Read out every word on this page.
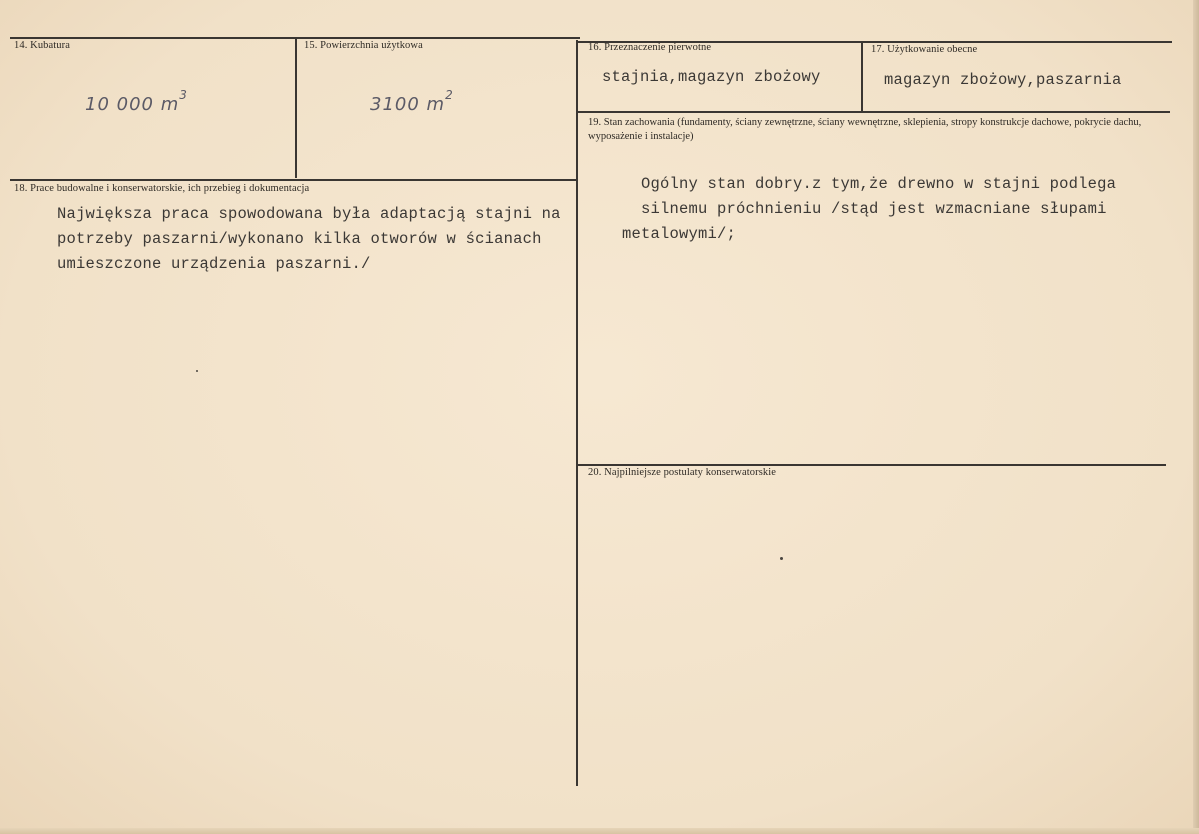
14. Kubatura
10 000 $m^3$
15. Powierzchnia użytkowa
3100 $m^2$
16. Przeznaczenie pierwotne
stajnia,magazyn zbożowy
17. Użytkowanie obecne
magazyn zbożowy,paszarnia
18. Prace budowalne i konserwatorskie, ich przebieg i dokumentacja
Największa praca spowodowana była adaptacją stajni na
potrzeby paszarni/wykonano kilka otworów w ścianach
umieszczone urządzenia paszarni./
19. Stan zachowania (fundamenty, ściany zewnętrzne, ściany wewnętrzne, sklepienia, stropy konstrukcje dachowe, pokrycie dachu, wyposażenie i instalacje)
Ogólny stan dobry.z tym,że drewno w stajni podlega
silnemu próchnieniu /stąd jest wzmacniane słupami
metalowymi/;
20. Najpilniejsze postulaty konserwatorskie
